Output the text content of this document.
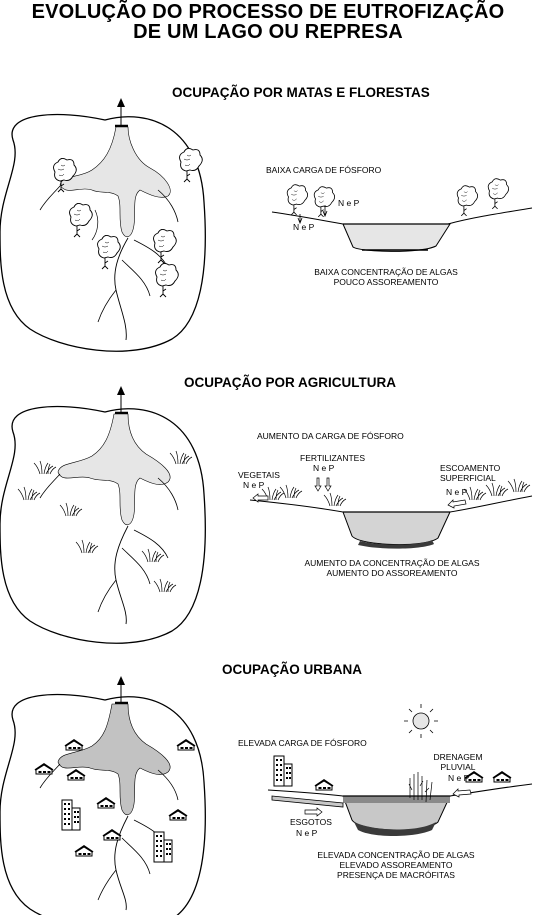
EVOLUÇÃO DO PROCESSO DE EUTROFIZAÇÃO
DE UM LAGO OU REPRESA
OCUPAÇÃO POR MATAS E FLORESTAS
OCUPAÇÃO POR AGRICULTURA
OCUPAÇÃO URBANA
BAIXA CARGA DE FÓSFORO
N e P
N e P
BAIXA CONCENTRAÇÃO DE ALGAS
POUCO ASSOREAMENTO
AUMENTO DA CARGA DE FÓSFORO
FERTILIZANTES
N e P
VEGETAIS
N e P
ESCOAMENTO
SUPERFICIAL
N e P
AUMENTO DA CONCENTRAÇÃO DE ALGAS
AUMENTO DO ASSOREAMENTO
ELEVADA CARGA DE FÓSFORO
DRENAGEM
PLUVIAL
N e P
ESGOTOS
N e P
ELEVADA CONCENTRAÇÃO DE ALGAS
ELEVADO ASSOREAMENTO
PRESENÇA DE MACRÓFITAS
